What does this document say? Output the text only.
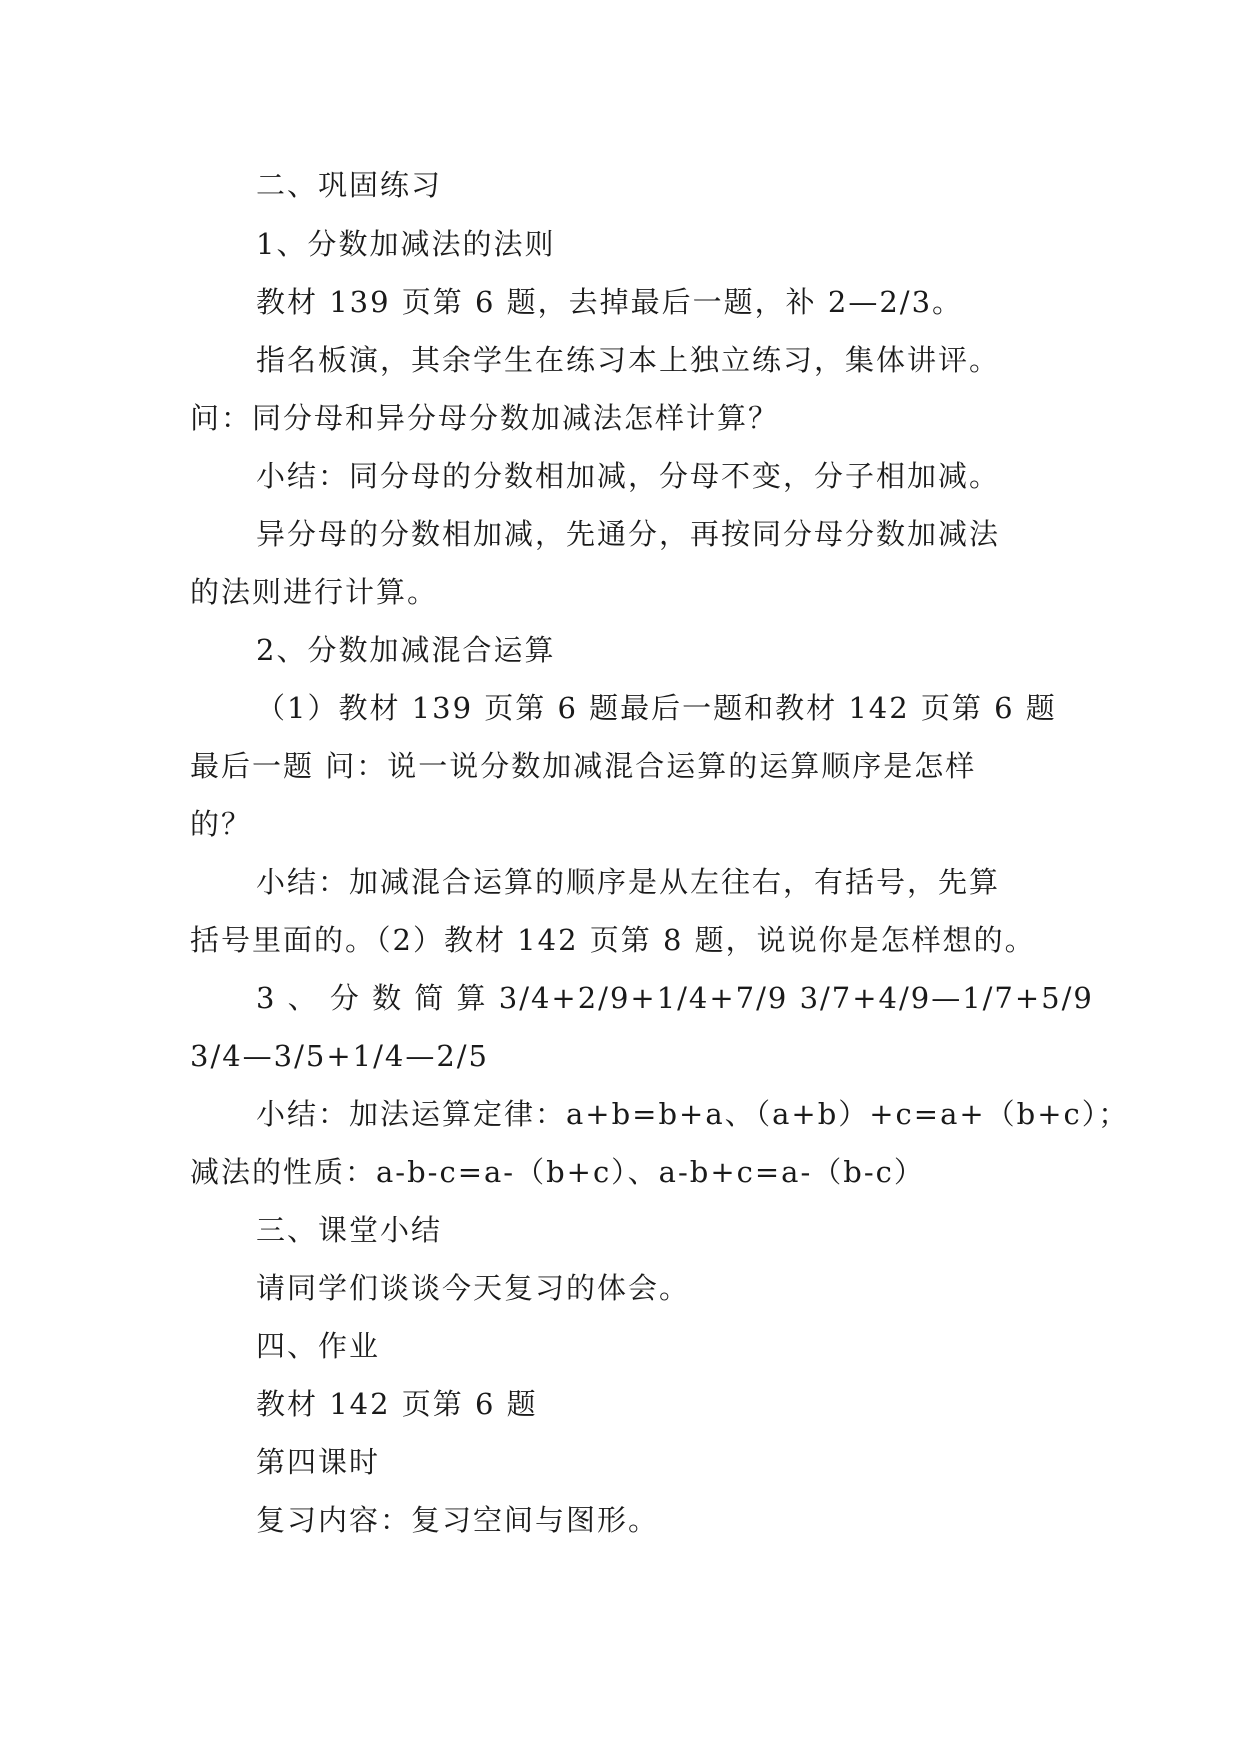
二、巩固练习
1、分数加减法的法则
教材 139 页第 6 题，去掉最后一题，补 2—2/3。
指名板演，其余学生在练习本上独立练习，集体讲评。
问：同分母和异分母分数加减法怎样计算？
小结：同分母的分数相加减，分母不变，分子相加减。
异分母的分数相加减，先通分，再按同分母分数加减法
的法则进行计算。
2、分数加减混合运算
（1）教材 139 页第 6 题最后一题和教材 142 页第 6 题
最后一题 问：说一说分数加减混合运算的运算顺序是怎样
的？
小结：加减混合运算的顺序是从左往右，有括号，先算
括号里面的。（2）教材 142 页第 8 题，说说你是怎样想的。
3 、 分 数 简 算 3/4+2/9+1/4+7/9 3/7+4/9—1/7+5/9
3/4—3/5+1/4—2/5
小结：加法运算定律：a+b=b+a、（a+b）+c=a+（b+c）；
减法的性质：a-b-c=a-（b+c）、a-b+c=a-（b-c）
三、课堂小结
请同学们谈谈今天复习的体会。
四、作业
教材 142 页第 6 题
第四课时
复习内容：复习空间与图形。
